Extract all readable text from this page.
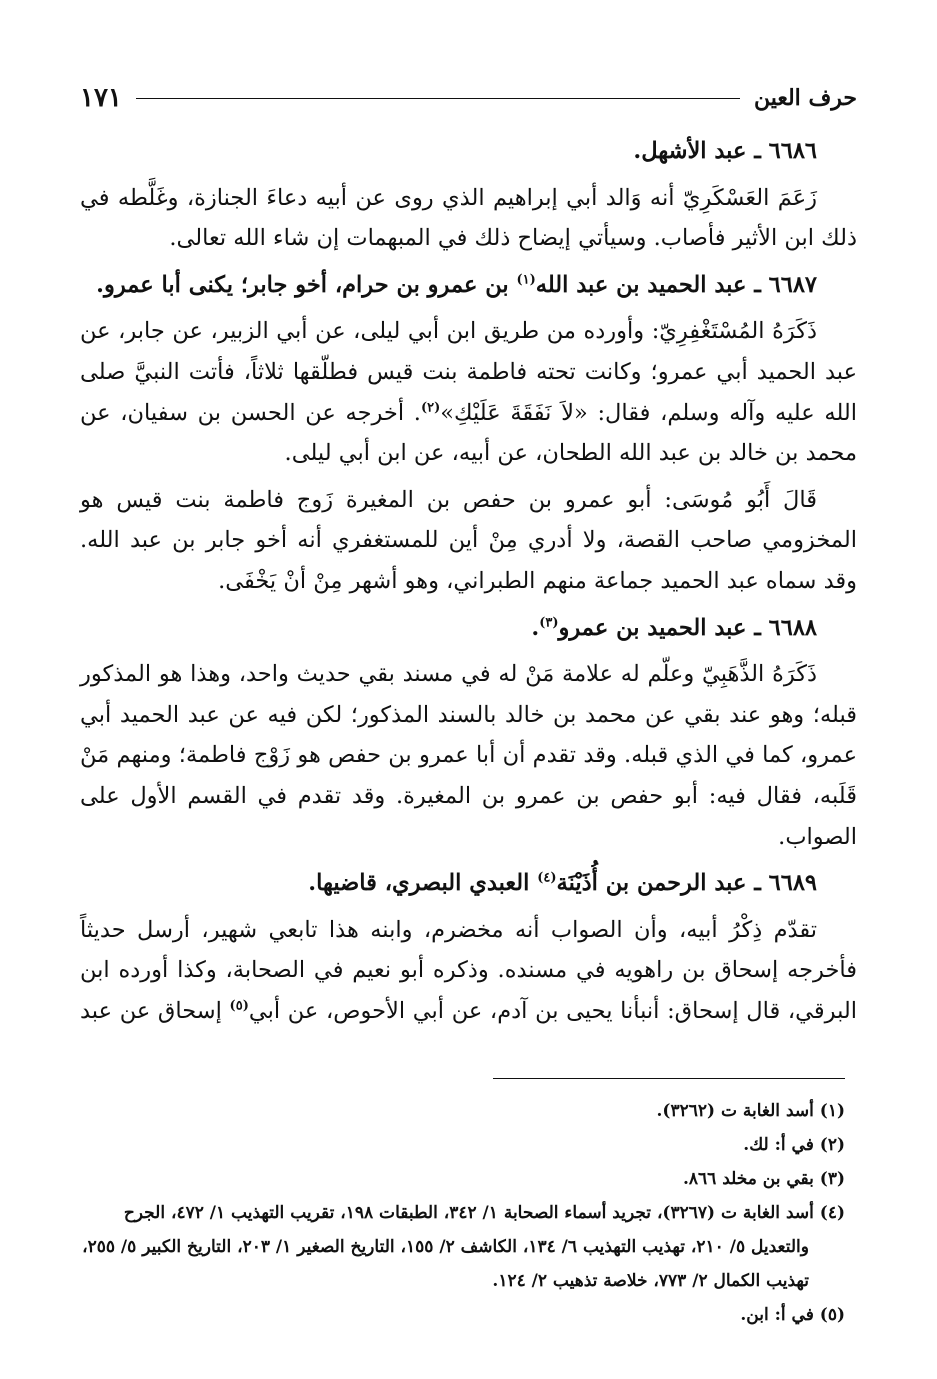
حرف العين
١٧١

٦٦٨٦ ـ عبد الأشهل.

زَعَمَ العَسْكَرِيّ أنه وَالد أبي إبراهيم الذي روى عن أبيه دعاءَ الجنازة، وغَلَّطه في ذلك ابن الأثير فأصاب. وسيأتي إيضاح ذلك في المبهمات إن شاء الله تعالى.

٦٦٨٧ ـ عبد الحميد بن عبد الله$^{(١)}$ بن عمرو بن حرام، أخو جابر؛ يكنى أبا عمرو.

ذَكَرَهُ المُسْتَغْفِرِيّ: وأورده من طريق ابن أبي ليلى، عن أبي الزبير، عن جابر، عن عبد الحميد أبي عمرو؛ وكانت تحته فاطمة بنت قيس فطلّقها ثلاثاً، فأتت النبيَّ صلى الله عليه وآله وسلم، فقال: «لاَ نَفَقَةَ عَلَيْكِ»$^{(٢)}$. أخرجه عن الحسن بن سفيان، عن محمد بن خالد بن عبد الله الطحان، عن أبيه، عن ابن أبي ليلى.

قَالَ أَبُو مُوسَى: أبو عمرو بن حفص بن المغيرة زَوج فاطمة بنت قيس هو المخزومي صاحب القصة، ولا أدري مِنْ أين للمستغفري أنه أخو جابر بن عبد الله. وقد سماه عبد الحميد جماعة منهم الطبراني، وهو أشهر مِنْ أنْ يَخْفَى.

٦٦٨٨ ـ عبد الحميد بن عمرو$^{(٣)}$.

ذَكَرَهُ الذَّهَبِيّ وعلّم له علامة مَنْ له في مسند بقي حديث واحد، وهذا هو المذكور قبله؛ وهو عند بقي عن محمد بن خالد بالسند المذكور؛ لكن فيه عن عبد الحميد أبي عمرو، كما في الذي قبله. وقد تقدم أن أبا عمرو بن حفص هو زَوْج فاطمة؛ ومنهم مَنْ قَلَبه، فقال فيه: أبو حفص بن عمرو بن المغيرة. وقد تقدم في القسم الأول على الصواب.

٦٦٨٩ ـ عبد الرحمن بن أُذَيْنَة$^{(٤)}$ العبدي البصري، قاضيها.

تقدّم ذِكْرُ أبيه، وأن الصواب أنه مخضرم، وابنه هذا تابعي شهير، أرسل حديثاً فأخرجه إسحاق بن راهويه في مسنده. وذكره أبو نعيم في الصحابة، وكذا أورده ابن البرقي، قال إسحاق: أنبأنا يحيى بن آدم، عن أبي الأحوص، عن أبي$^{(٥)}$ إسحاق عن عبد

(١) أسد الغابة ت (٣٢٦٢).

(٢) في أ: لك.

(٣) بقي بن مخلد ٨٦٦.

(٤) أسد الغابة ت (٣٢٦٧)، تجريد أسماء الصحابة ١/ ٣٤٢، الطبقات ١٩٨، تقريب التهذيب ١/ ٤٧٢، الجرح والتعديل ٥/ ٢١٠، تهذيب التهذيب ٦/ ١٣٤، الكاشف ٢/ ١٥٥، التاريخ الصغير ١/ ٢٠٣، التاريخ الكبير ٥/ ٢٥٥، تهذيب الكمال ٢/ ٧٧٣، خلاصة تذهيب ٢/ ١٢٤.

(٥) في أ: ابن.
